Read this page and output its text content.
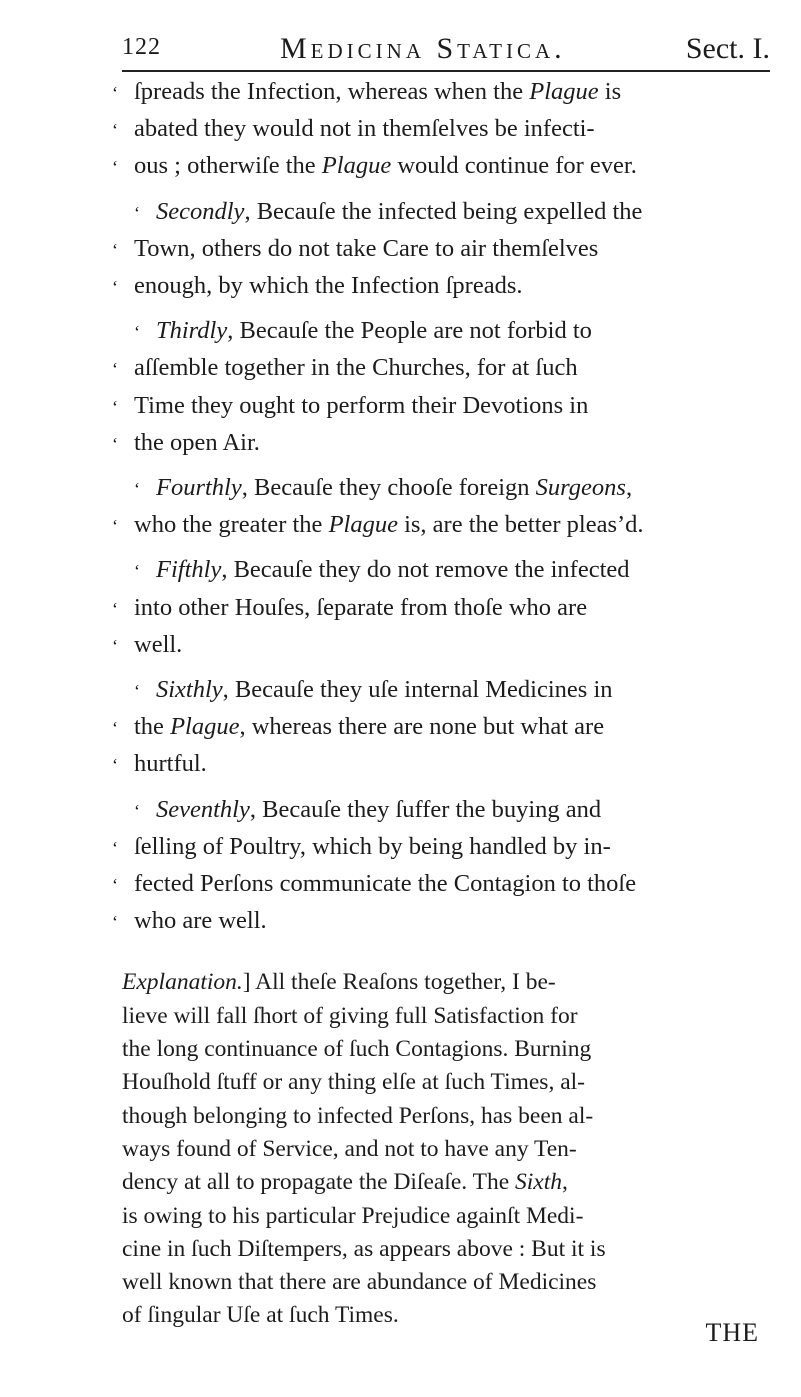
122	Medicina Statica.	Sect. I.
‘ ſpreads the Infection, whereas when the Plague is
‘ abated they would not in themſelves be infecti-
‘ ous ; otherwiſe the Plague would continue for ever.
‘ Secondly, Becauſe the infected being expelled the
‘ Town, others do not take Care to air themſelves
‘ enough, by which the Infection ſpreads.
‘ Thirdly, Becauſe the People are not forbid to
‘ aſſemble together in the Churches, for at ſuch
‘ Time they ought to perform their Devotions in
‘ the open Air.
‘ Fourthly, Becauſe they chooſe foreign Surgeons,
‘ who the greater the Plague is, are the better pleas’d.
‘ Fifthly, Becauſe they do not remove the infected
‘ into other Houſes, ſeparate from thoſe who are
‘ well.
‘ Sixthly, Becauſe they uſe internal Medicines in
‘ the Plague, whereas there are none but what are
‘ hurtful.
‘ Seventhly, Becauſe they ſuffer the buying and
‘ ſelling of Poultry, which by being handled by in-
‘ fected Perſons communicate the Contagion to thoſe
‘ who are well.
Explanation.] All theſe Reaſons together, I be-
lieve will fall ſhort of giving full Satisfaction for
the long continuance of ſuch Contagions. Burning
Houſhold ſtuff or any thing elſe at ſuch Times, al-
though belonging to infected Perſons, has been al-
ways found of Service, and not to have any Ten-
dency at all to propagate the Diſeaſe. The Sixth,
is owing to his particular Prejudice againſt Medi-
cine in ſuch Diſtempers, as appears above : But it is
well known that there are abundance of Medicines
of ſingular Uſe at ſuch Times.
THE
